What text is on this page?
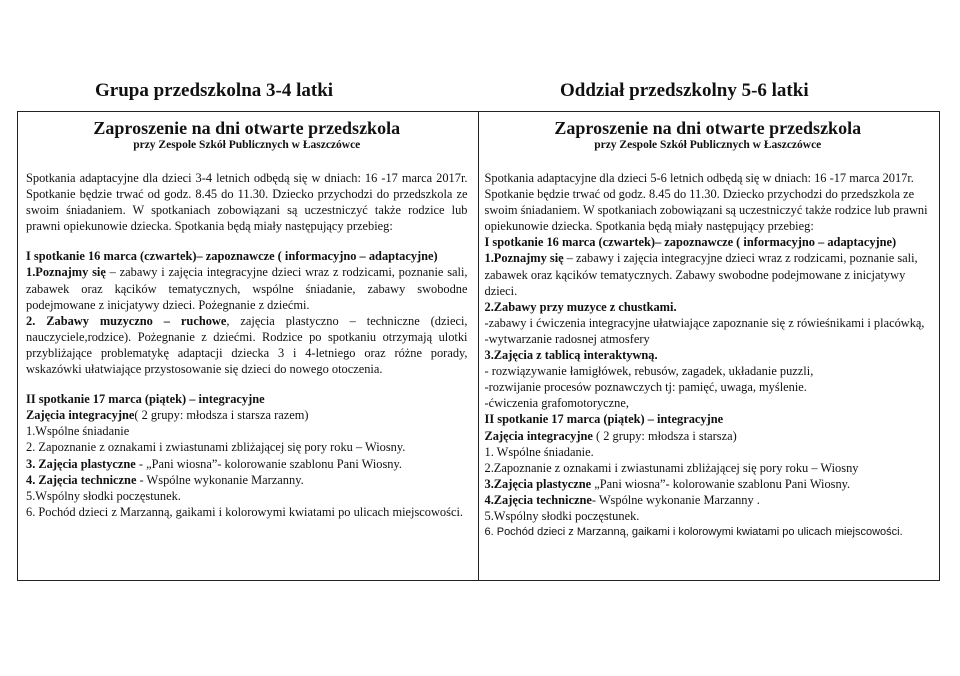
Grupa przedszkolna 3-4 latki	Oddział przedszkolny 5-6 latki
Zaproszenie na dni otwarte przedszkola
przy Zespole Szkół Publicznych w Łaszczówce

Spotkania adaptacyjne dla dzieci 3-4 letnich odbędą się w dniach: 16 -17 marca 2017r. Spotkanie będzie trwać od godz. 8.45 do 11.30. Dziecko przychodzi do przedszkola ze swoim śniadaniem. W spotkaniach zobowiązani są uczestniczyć także rodzice lub prawni opiekunowie dziecka. Spotkania będą miały następujący przebieg:

I spotkanie 16 marca (czwartek)– zapoznawcze ( informacyjno – adaptacyjne)

1.Poznajmy się – zabawy i zajęcia integracyjne dzieci wraz z rodzicami, poznanie sali, zabawek oraz kącików tematycznych, wspólne śniadanie, zabawy swobodne podejmowane z inicjatywy dzieci. Pożegnanie z dziećmi.

2. Zabawy muzyczno – ruchowe, zajęcia plastyczno – techniczne (dzieci, nauczyciele,rodzice). Pożegnanie z dziećmi. Rodzice po spotkaniu otrzymają ulotki przybliżające problematykę adaptacji dziecka 3 i 4-letniego oraz różne porady, wskazówki ułatwiające przystosowanie się dzieci do nowego otoczenia.

II spotkanie 17 marca (piątek) – integracyjne

Zajęcia integracyjne( 2 grupy: młodsza i starsza razem)

1.Wspólne śniadanie

2. Zapoznanie z oznakami i zwiastunami zbliżającej się pory roku – Wiosny.

3. Zajęcia plastyczne - „Pani wiosna”- kolorowanie szablonu Pani Wiosny.

4. Zajęcia techniczne - Wspólne wykonanie Marzanny.

5.Wspólny słodki poczęstunek.

6. Pochód dzieci z Marzanną, gaikami i kolorowymi kwiatami po ulicach miejscowości.

Zaproszenie na dni otwarte przedszkola
przy Zespole Szkół Publicznych w Łaszczówce

Spotkania adaptacyjne dla dzieci 5-6 letnich odbędą się w dniach: 16 -17 marca 2017r. Spotkanie będzie trwać od godz. 8.45 do 11.30. Dziecko przychodzi do przedszkola ze swoim śniadaniem. W spotkaniach zobowiązani są uczestniczyć także rodzice lub prawni opiekunowie dziecka. Spotkania będą miały następujący przebieg:

I spotkanie 16 marca (czwartek)– zapoznawcze ( informacyjno – adaptacyjne)

1.Poznajmy się – zabawy i zajęcia integracyjne dzieci wraz z rodzicami, poznanie sali, zabawek oraz kącików tematycznych. Zabawy swobodne podejmowane z inicjatywy dzieci.

2.Zabawy przy muzyce z chustkami.

-zabawy i ćwiczenia integracyjne ułatwiające zapoznanie się z rówieśnikami i placówką,

-wytwarzanie radosnej atmosfery

3.Zajęcia z tablicą interaktywną.

- rozwiązywanie łamigłówek, rebusów, zagadek, układanie puzzli,

-rozwijanie procesów poznawczych tj: pamięć, uwaga, myślenie.

-ćwiczenia grafomotoryczne,

II spotkanie 17 marca (piątek) – integracyjne

Zajęcia integracyjne ( 2 grupy: młodsza i starsza)

1. Wspólne śniadanie.

2.Zapoznanie z oznakami i zwiastunami zbliżającej się pory roku – Wiosny

3.Zajęcia plastyczne „Pani wiosna”- kolorowanie szablonu Pani Wiosny.

4.Zajęcia techniczne- Wspólne wykonanie Marzanny .

5.Wspólny słodki poczęstunek.

6. Pochód dzieci z Marzanną, gaikami i kolorowymi kwiatami po ulicach miejscowości.
